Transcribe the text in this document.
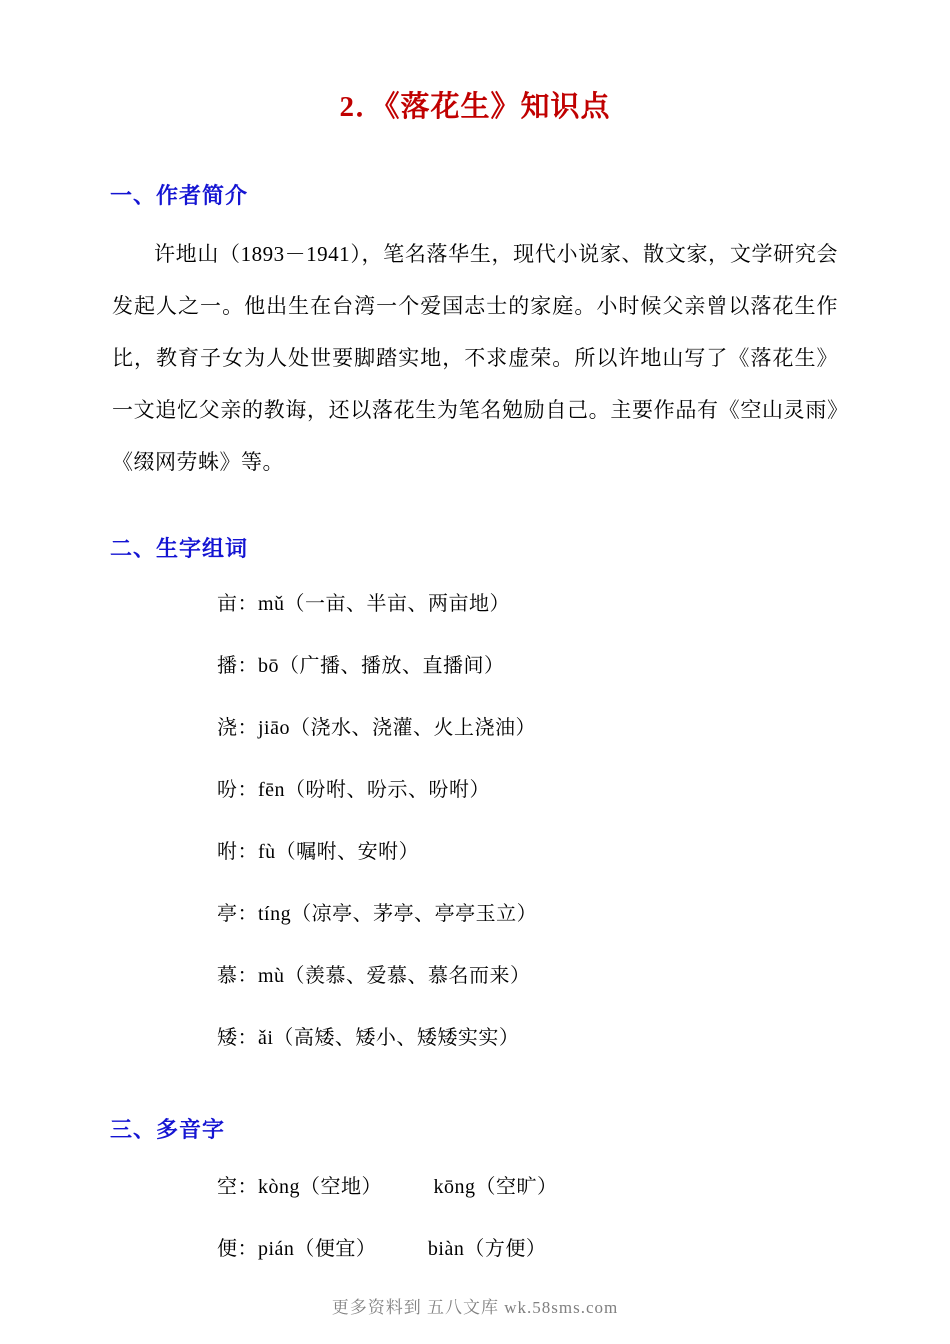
2．《落花生》知识点
一、作者简介

许地山（1893－1941），笔名落华生，现代小说家、散文家，文学研究会发起人之一。他出生在台湾一个爱国志士的家庭。小时候父亲曾以落花生作比，教育子女为人处世要脚踏实地，不求虚荣。所以许地山写了《落花生》一文追忆父亲的教诲，还以落花生为笔名勉励自己。主要作品有《空山灵雨》《缀网劳蛛》等。

二、生字组词
亩：mǔ（一亩、半亩、两亩地）
播：bō（广播、播放、直播间）
浇：jiāo（浇水、浇灌、火上浇油）
吩：fēn（吩咐、吩示、吩咐）
咐：fù（嘱咐、安咐）
亭：tíng（凉亭、茅亭、亭亭玉立）
慕：mù（羡慕、爱慕、慕名而来）
矮：ǎi（高矮、矮小、矮矮实实）
三、多音字
空：kòng（空地）　　　kōng（空旷）
便：pián（便宜）　　　biàn（方便）
更多资料到 五八文库 wk.58sms.com
